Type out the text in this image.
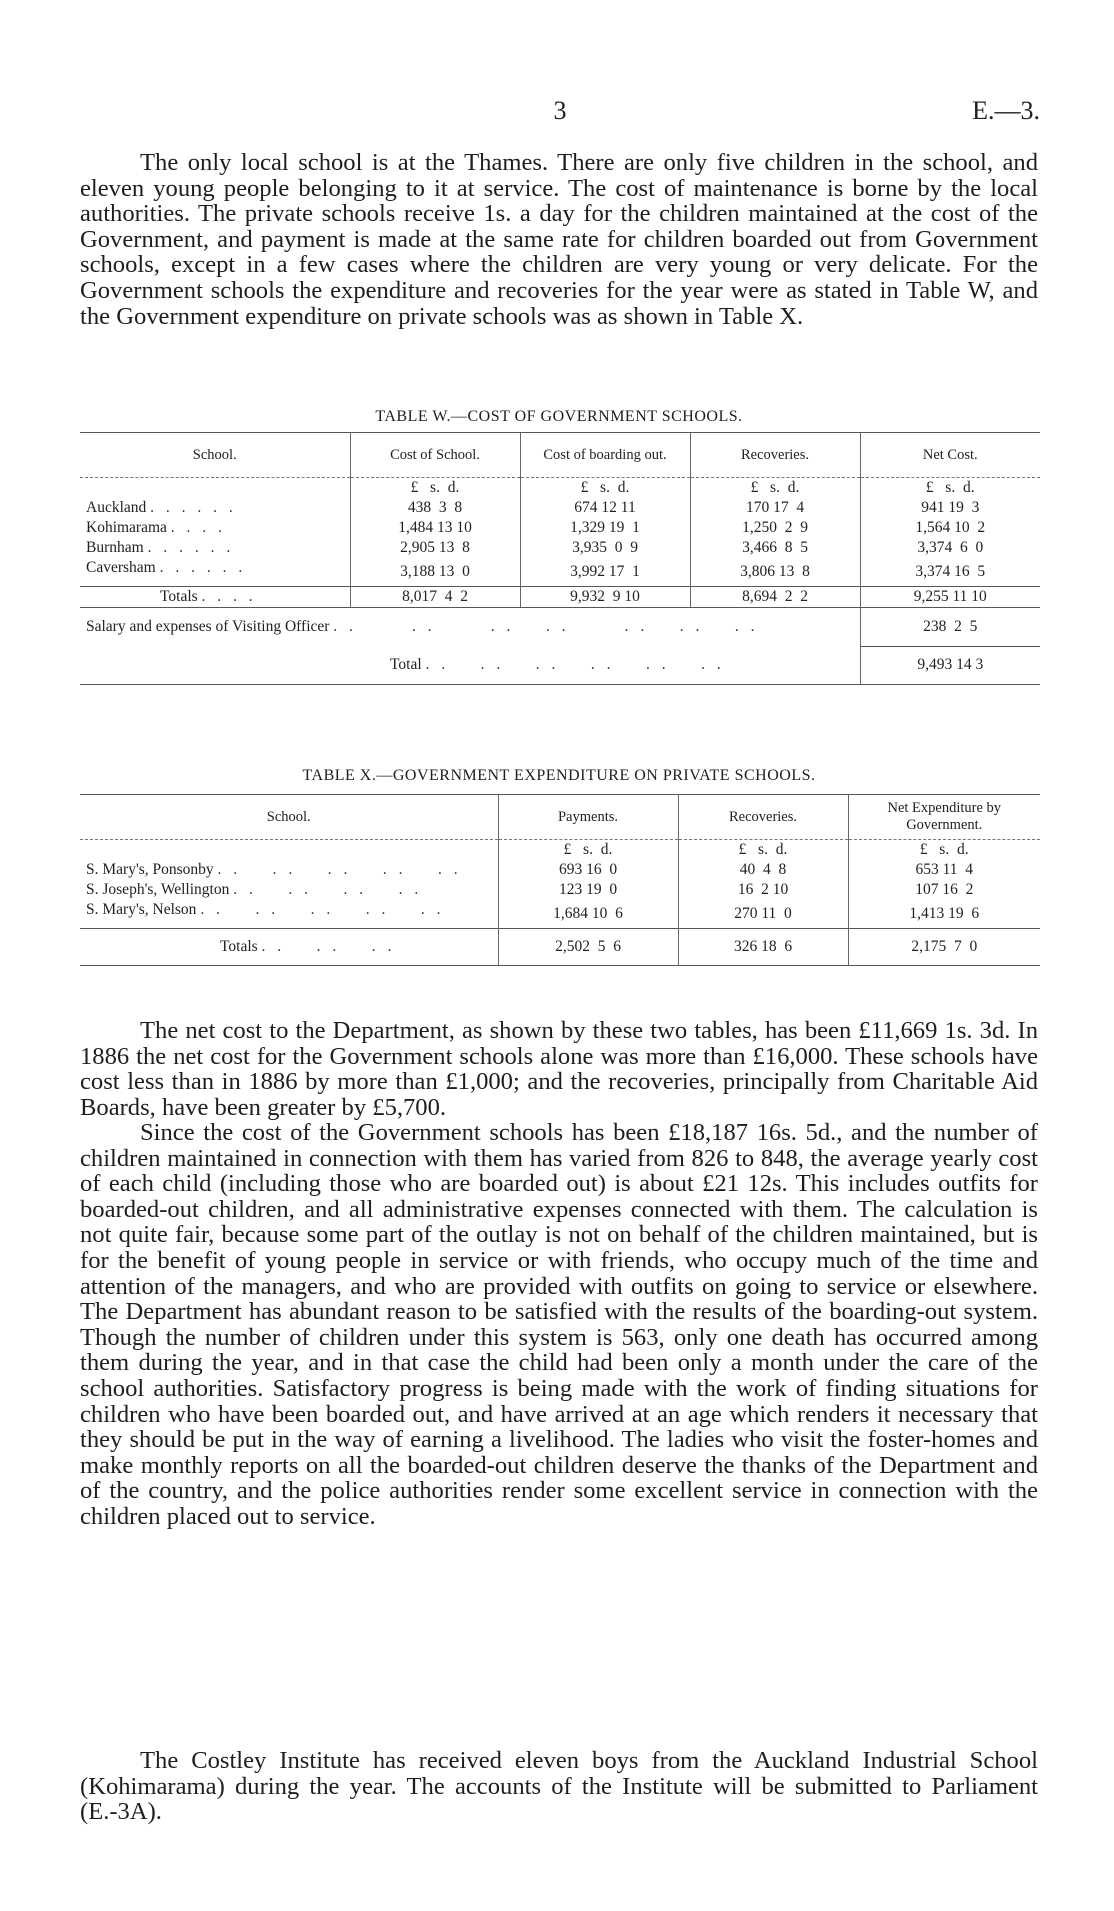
3	E.—3.

The only local school is at the Thames. There are only five children in the school, and eleven young people belonging to it at service. The cost of maintenance is borne by the local authorities. The private schools receive 1s. a day for the children maintained at the cost of the Government, and payment is made at the same rate for children boarded out from Government schools, except in a few cases where the children are very young or very delicate. For the Government schools the expenditure and recoveries for the year were as stated in Table W, and the Government expenditure on private schools was as shown in Table X.

TABLE W.—COST OF GOVERNMENT SCHOOLS.
School.	Cost of School.	Cost of boarding out.	Recoveries.	Net Cost.
	£   s.  d.	£   s.  d.	£   s.  d.	£   s.  d.
Auckland . . . . . .	438  3  8	674 12 11	170 17  4	941 19  3
Kohimarama . . . .	1,484 13 10	1,329 19  1	1,250  2  9	1,564 10  2
Burnham . . . . . .	2,905 13  8	3,935  0  9	3,466  8  5	3,374  6  0
Caversham . . . . . .	3,188 13  0	3,992 17  1	3,806 13  8	3,374 16  5
Totals . . . .	8,017  4  2	9,932  9 10	8,694  2  2	9,255 11 10
Salary and expenses of Visiting Officer . .       . .       . .    . .       . .    . .    . .				238  2  5
	Total . .    . .    . .    . .    . .    . .			9,493 14 3
TABLE X.—GOVERNMENT EXPENDITURE ON PRIVATE SCHOOLS.
School.	Payments.	Recoveries.	Net Expenditure by Government.
	£   s.  d.	£   s.  d.	£   s.  d.
S. Mary's, Ponsonby . .    . .    . .    . .    . .	693 16  0	40  4  8	653 11  4
S. Joseph's, Wellington . .    . .    . .    . .	123 19  0	16  2 10	107 16  2
S. Mary's, Nelson . .    . .    . .    . .    . .	1,684 10  6	270 11  0	1,413 19  6
Totals . .    . .    . .	2,502  5  6	326 18  6	2,175  7  0

The net cost to the Department, as shown by these two tables, has been £11,669 1s. 3d. In 1886 the net cost for the Government schools alone was more than £16,000. These schools have cost less than in 1886 by more than £1,000; and the recoveries, principally from Charitable Aid Boards, have been greater by £5,700.

Since the cost of the Government schools has been £18,187 16s. 5d., and the number of children maintained in connection with them has varied from 826 to 848, the average yearly cost of each child (including those who are boarded out) is about £21 12s. This includes outfits for boarded-out children, and all administrative expenses connected with them. The calculation is not quite fair, because some part of the outlay is not on behalf of the children maintained, but is for the benefit of young people in service or with friends, who occupy much of the time and attention of the managers, and who are provided with outfits on going to service or elsewhere. The Department has abundant reason to be satisfied with the results of the boarding-out system. Though the number of children under this system is 563, only one death has occurred among them during the year, and in that case the child had been only a month under the care of the school authorities. Satisfactory progress is being made with the work of finding situations for children who have been boarded out, and have arrived at an age which renders it necessary that they should be put in the way of earning a livelihood. The ladies who visit the foster-homes and make monthly reports on all the boarded-out children deserve the thanks of the Department and of the country, and the police authorities render some excellent service in connection with the children placed out to service.

The Costley Institute has received eleven boys from the Auckland Industrial School (Kohimarama) during the year. The accounts of the Institute will be submitted to Parliament (E.-3A).
